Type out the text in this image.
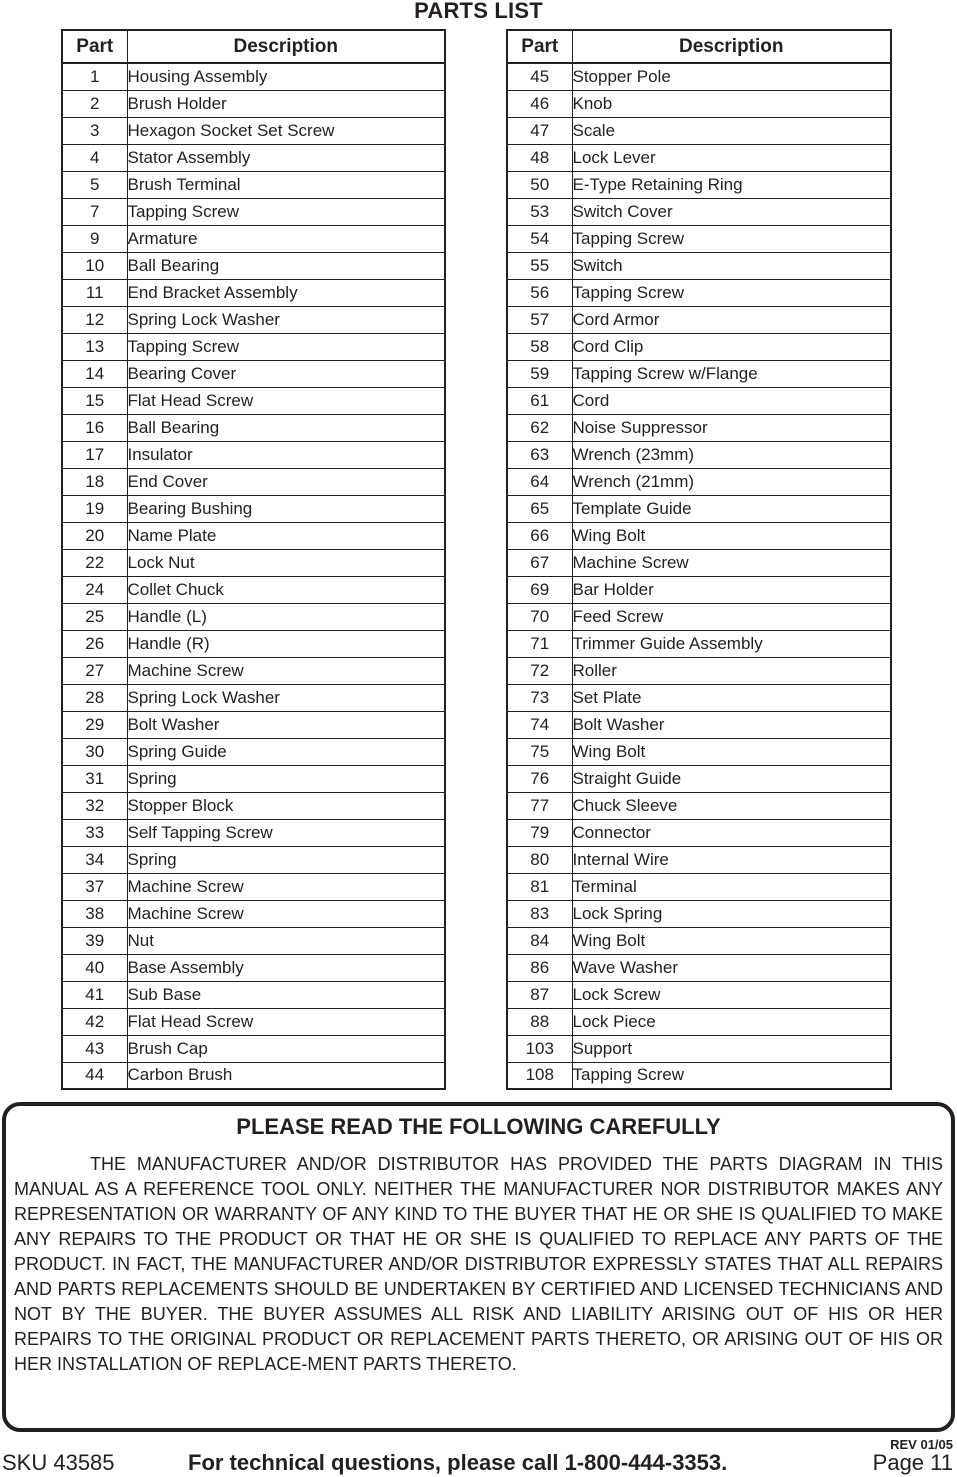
PARTS LIST
Part	Description
1	Housing Assembly
2	Brush Holder
3	Hexagon Socket Set Screw
4	Stator Assembly
5	Brush Terminal
7	Tapping Screw
9	Armature
10	Ball Bearing
11	End Bracket Assembly
12	Spring Lock Washer
13	Tapping Screw
14	Bearing Cover
15	Flat Head Screw
16	Ball Bearing
17	Insulator
18	End Cover
19	Bearing Bushing
20	Name Plate
22	Lock Nut
24	Collet Chuck
25	Handle (L)
26	Handle (R)
27	Machine Screw
28	Spring Lock Washer
29	Bolt Washer
30	Spring Guide
31	Spring
32	Stopper Block
33	Self Tapping Screw
34	Spring
37	Machine Screw
38	Machine Screw
39	Nut
40	Base Assembly
41	Sub Base
42	Flat Head Screw
43	Brush Cap
44	Carbon Brush
Part	Description
45	Stopper Pole
46	Knob
47	Scale
48	Lock Lever
50	E-Type Retaining Ring
53	Switch Cover
54	Tapping Screw
55	Switch
56	Tapping Screw
57	Cord Armor
58	Cord Clip
59	Tapping Screw w/Flange
61	Cord
62	Noise Suppressor
63	Wrench (23mm)
64	Wrench (21mm)
65	Template Guide
66	Wing Bolt
67	Machine Screw
69	Bar Holder
70	Feed Screw
71	Trimmer Guide Assembly
72	Roller
73	Set Plate
74	Bolt Washer
75	Wing Bolt
76	Straight Guide
77	Chuck Sleeve
79	Connector
80	Internal Wire
81	Terminal
83	Lock Spring
84	Wing Bolt
86	Wave Washer
87	Lock Screw
88	Lock Piece
103	Support
108	Tapping Screw
PLEASE READ THE FOLLOWING CAREFULLY

THE MANUFACTURER AND/OR DISTRIBUTOR HAS PROVIDED THE PARTS DIAGRAM IN THIS MANUAL AS A REFERENCE TOOL ONLY. NEITHER THE MANUFACTURER NOR DISTRIBUTOR MAKES ANY REPRESENTATION OR WARRANTY OF ANY KIND TO THE BUYER THAT HE OR SHE IS QUALIFIED TO MAKE ANY REPAIRS TO THE PRODUCT OR THAT HE OR SHE IS QUALIFIED TO REPLACE ANY PARTS OF THE PRODUCT. IN FACT, THE MANUFACTURER AND/OR DISTRIBUTOR EXPRESSLY STATES THAT ALL REPAIRS AND PARTS REPLACEMENTS SHOULD BE UNDERTAKEN BY CERTIFIED AND LICENSED TECHNICIANS AND NOT BY THE BUYER. THE BUYER ASSUMES ALL RISK AND LIABILITY ARISING OUT OF HIS OR HER REPAIRS TO THE ORIGINAL PRODUCT OR REPLACEMENT PARTS THERETO, OR ARISING OUT OF HIS OR HER INSTALLATION OF REPLACE-MENT PARTS THERETO.

REV 01/05
SKU 43585	For technical questions, please call 1-800-444-3353.	Page 11
